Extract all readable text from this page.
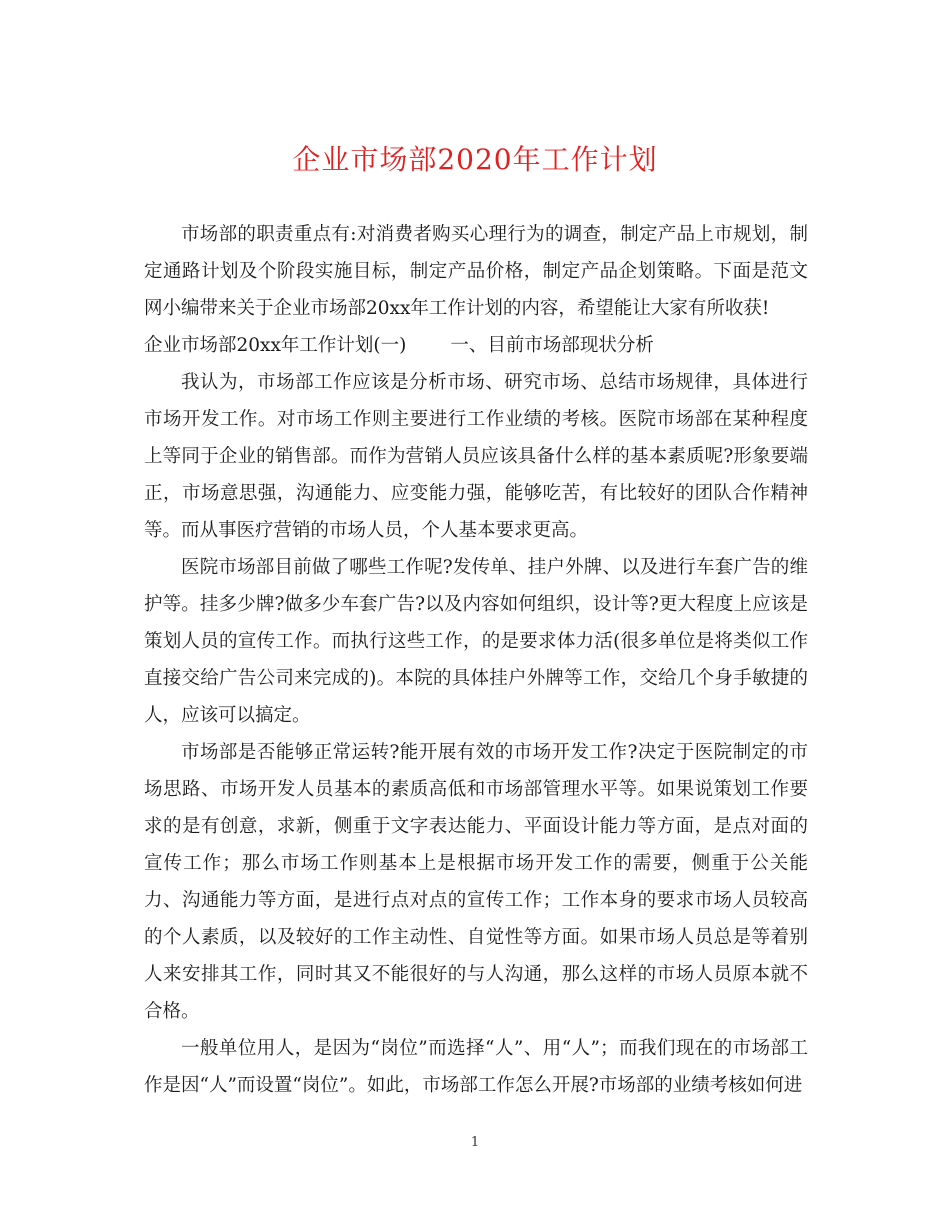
企业市场部2020年工作计划

市场部的职责重点有:对消费者购买心理行为的调查，制定产品上市规划，制定通路计划及个阶段实施目标，制定产品价格，制定产品企划策略。下面是范文网小编带来关于企业市场部20xx年工作计划的内容，希望能让大家有所收获!

企业市场部20xx年工作计划(一) 一、目前市场部现状分析

我认为，市场部工作应该是分析市场、研究市场、总结市场规律，具体进行市场开发工作。对市场工作则主要进行工作业绩的考核。医院市场部在某种程度上等同于企业的销售部。而作为营销人员应该具备什么样的基本素质呢?形象要端正，市场意思强，沟通能力、应变能力强，能够吃苦，有比较好的团队合作精神等。而从事医疗营销的市场人员，个人基本要求更高。

医院市场部目前做了哪些工作呢?发传单、挂户外牌、以及进行车套广告的维护等。挂多少牌?做多少车套广告?以及内容如何组织，设计等?更大程度上应该是策划人员的宣传工作。而执行这些工作，的是要求体力活(很多单位是将类似工作直接交给广告公司来完成的)。本院的具体挂户外牌等工作，交给几个身手敏捷的人，应该可以搞定。

市场部是否能够正常运转?能开展有效的市场开发工作?决定于医院制定的市场思路、市场开发人员基本的素质高低和市场部管理水平等。如果说策划工作要求的是有创意，求新，侧重于文字表达能力、平面设计能力等方面，是点对面的宣传工作；那么市场工作则基本上是根据市场开发工作的需要，侧重于公关能力、沟通能力等方面，是进行点对点的宣传工作；工作本身的要求市场人员较高的个人素质，以及较好的工作主动性、自觉性等方面。如果市场人员总是等着别人来安排其工作，同时其又不能很好的与人沟通，那么这样的市场人员原本就不合格。

一般单位用人，是因为“岗位”而选择“人”、用“人”；而我们现在的市场部工作是因“人”而设置“岗位”。如此，市场部工作怎么开展?市场部的业绩考核如何进

1
